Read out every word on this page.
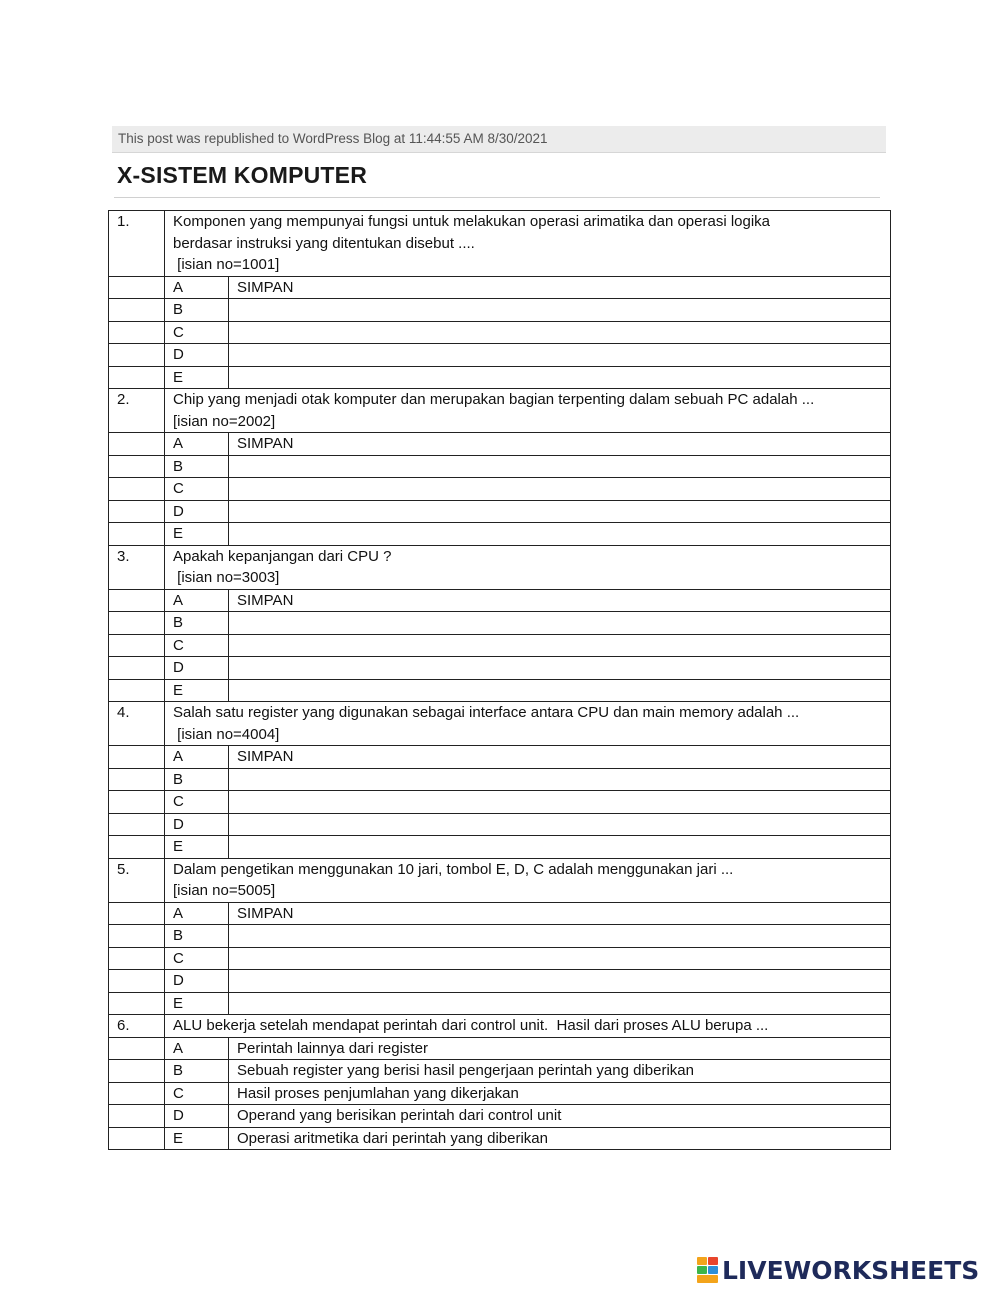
This post was republished to WordPress Blog at 11:44:55 AM 8/30/2021
X-SISTEM KOMPUTER
1.	Komponen yang mempunyai fungsi untuk melakukan operasi arimatika dan operasi logika
berdasar instruksi yang ditentukan disebut ....
[isian no=1001]	

	A	SIMPAN
	B	
	C	
	D	
	E	
2.	Chip yang menjadi otak komputer dan merupakan bagian terpenting dalam sebuah PC adalah ...
[isian no=2002]	

	A	SIMPAN
	B	
	C	
	D	
	E	
3.	Apakah kepanjangan dari CPU ?
[isian no=3003]	

	A	SIMPAN
	B	
	C	
	D	
	E	
4.	Salah satu register yang digunakan sebagai interface antara CPU dan main memory adalah ...
[isian no=4004]	

	A	SIMPAN
	B	
	C	
	D	
	E	
5.	Dalam pengetikan menggunakan 10 jari, tombol E, D, C adalah menggunakan jari ...
[isian no=5005]	

	A	SIMPAN
	B	
	C	
	D	
	E	
6.	ALU bekerja setelah mendapat perintah dari control unit.  Hasil dari proses ALU berupa ...	

	A	Perintah lainnya dari register
	B	Sebuah register yang berisi hasil pengerjaan perintah yang diberikan
	C	Hasil proses penjumlahan yang dikerjakan
	D	Operand yang berisikan perintah dari control unit
	E	Operasi aritmetika dari perintah yang diberikan
LIVEWORKSHEETS
